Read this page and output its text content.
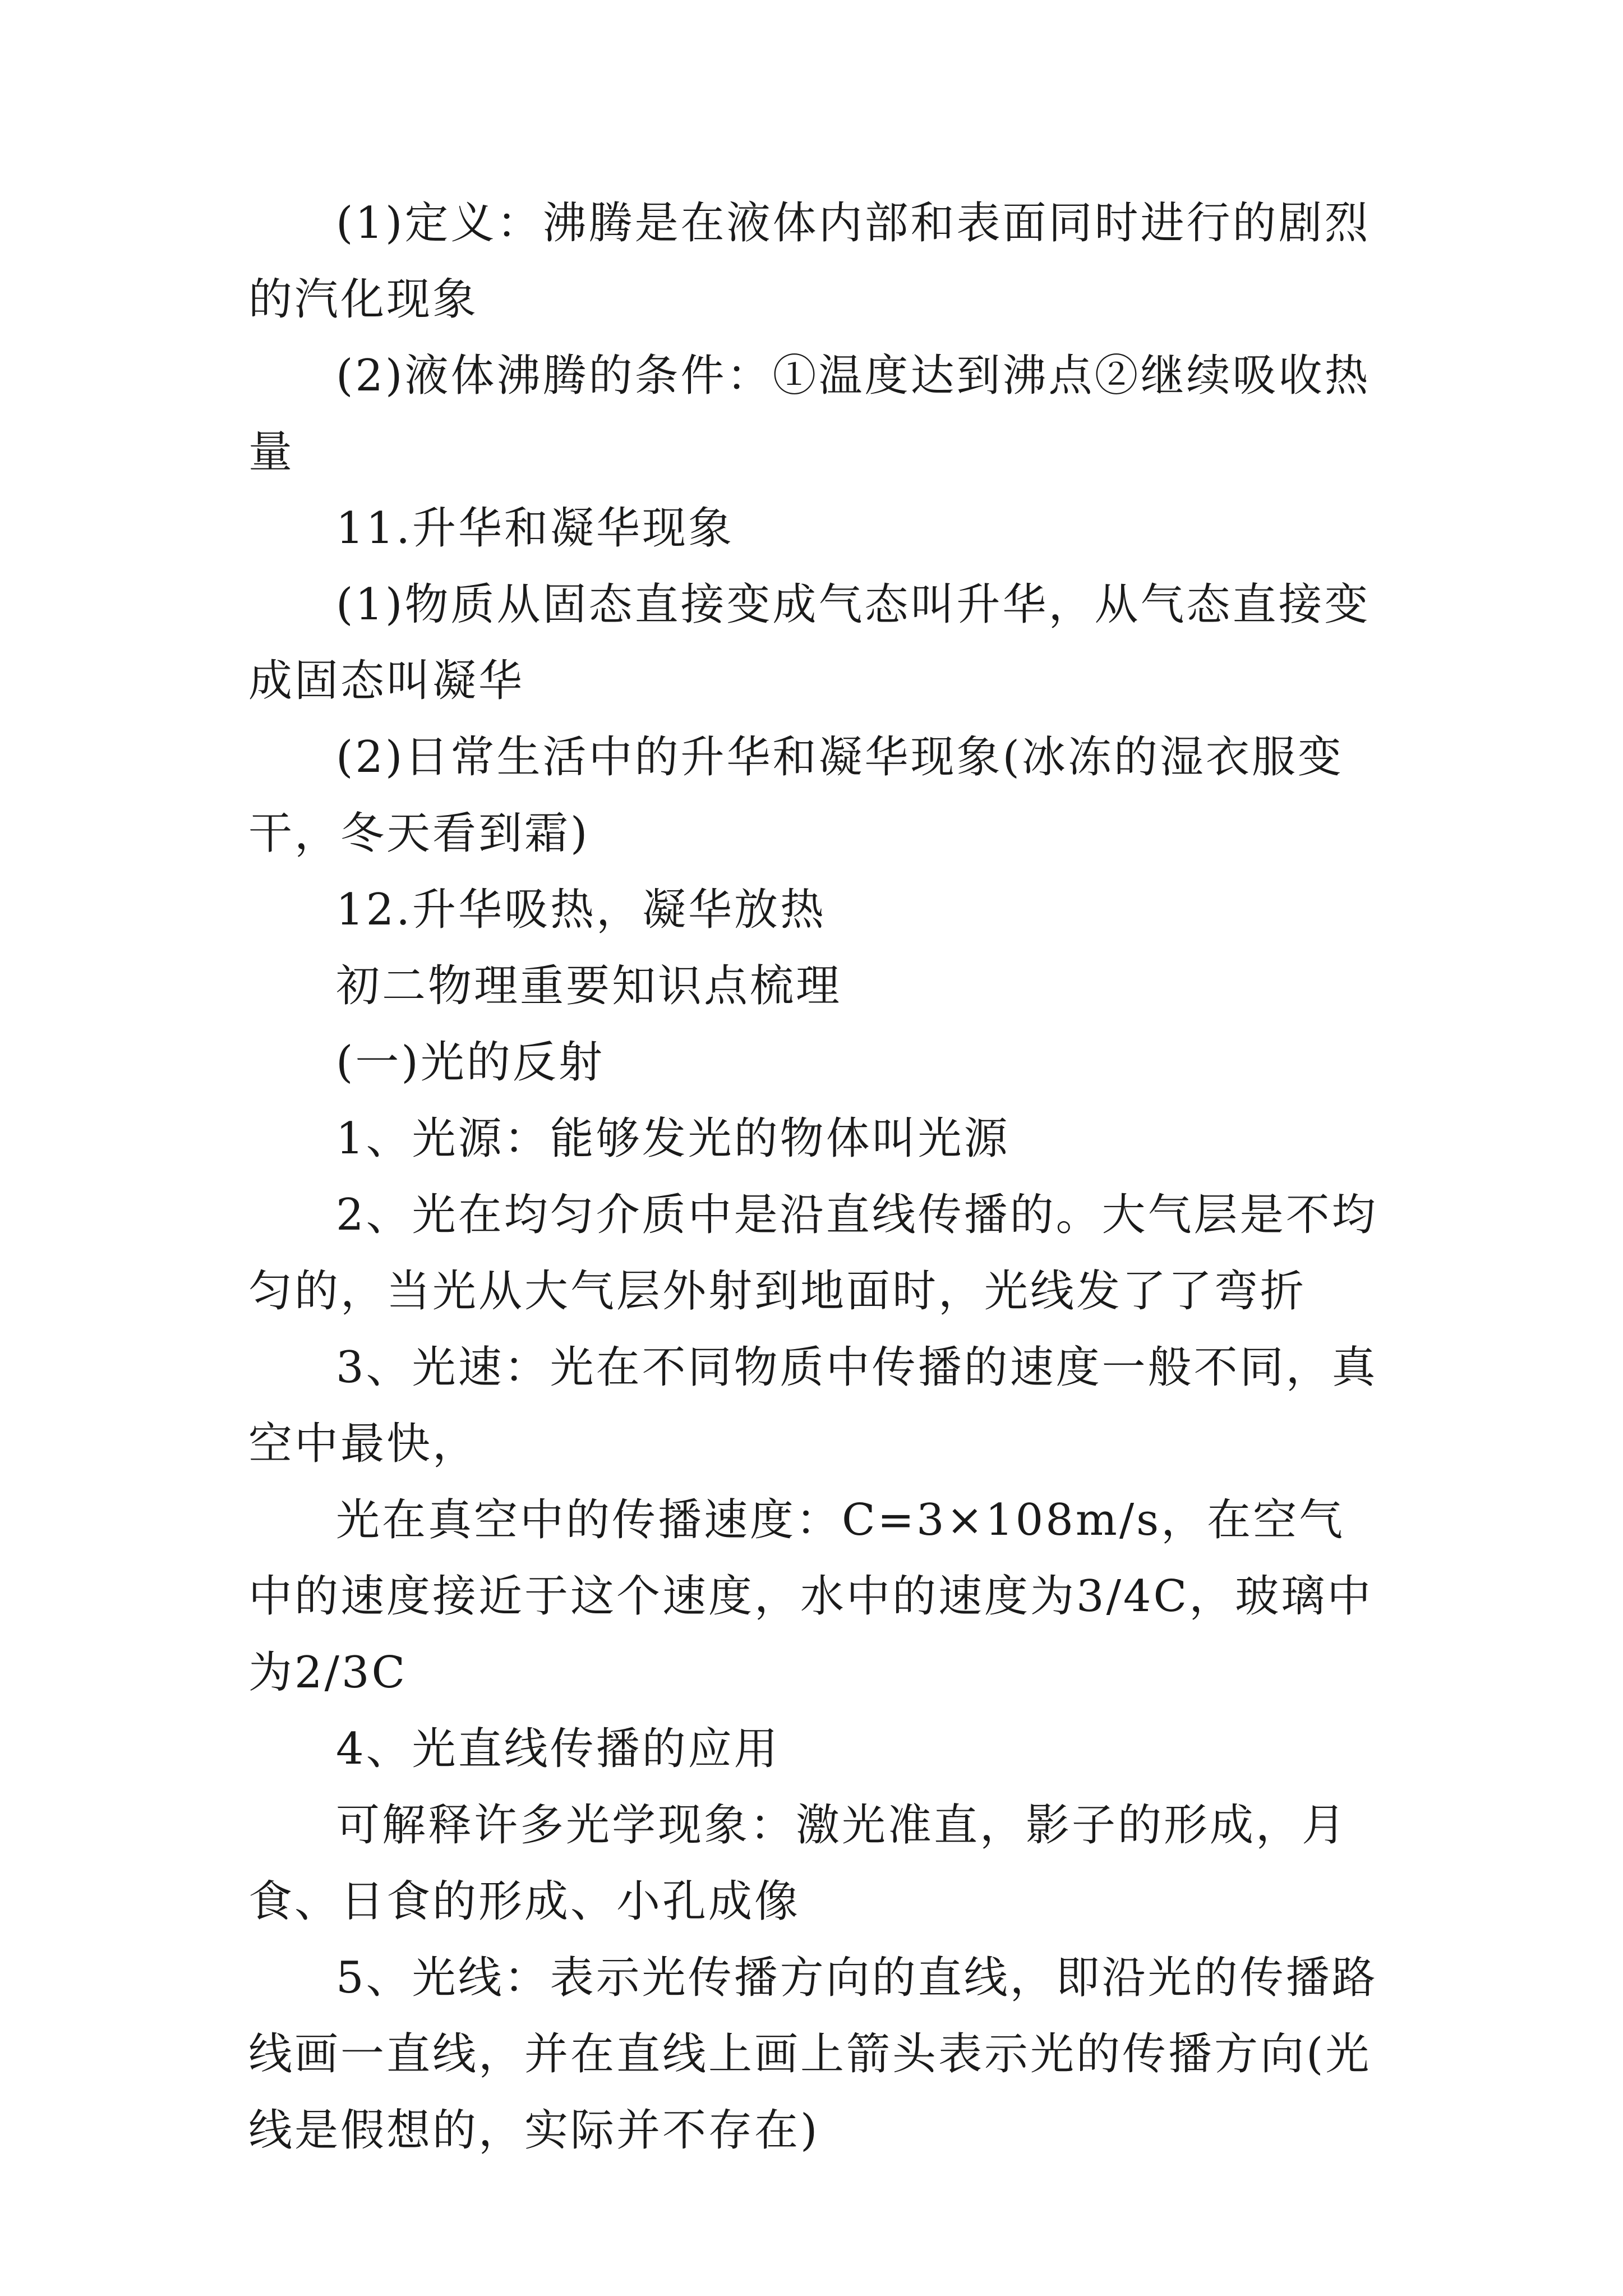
(1)定义：沸腾是在液体内部和表面同时进行的剧烈的汽化现象

(2)液体沸腾的条件：①温度达到沸点②继续吸收热量

11.升华和凝华现象

(1)物质从固态直接变成气态叫升华，从气态直接变成固态叫凝华

(2)日常生活中的升华和凝华现象(冰冻的湿衣服变干，冬天看到霜)

12.升华吸热，凝华放热

初二物理重要知识点梳理

(一)光的反射

1、光源：能够发光的物体叫光源

2、光在均匀介质中是沿直线传播的。大气层是不均匀的，当光从大气层外射到地面时，光线发了了弯折

3、光速：光在不同物质中传播的速度一般不同，真空中最快，

光在真空中的传播速度：C=3×108m/s，在空气中的速度接近于这个速度，水中的速度为3/4C，玻璃中为2/3C

4、光直线传播的应用

可解释许多光学现象：激光准直，影子的形成，月食、日食的形成、小孔成像

5、光线：表示光传播方向的直线，即沿光的传播路线画一直线，并在直线上画上箭头表示光的传播方向(光线是假想的，实际并不存在)
